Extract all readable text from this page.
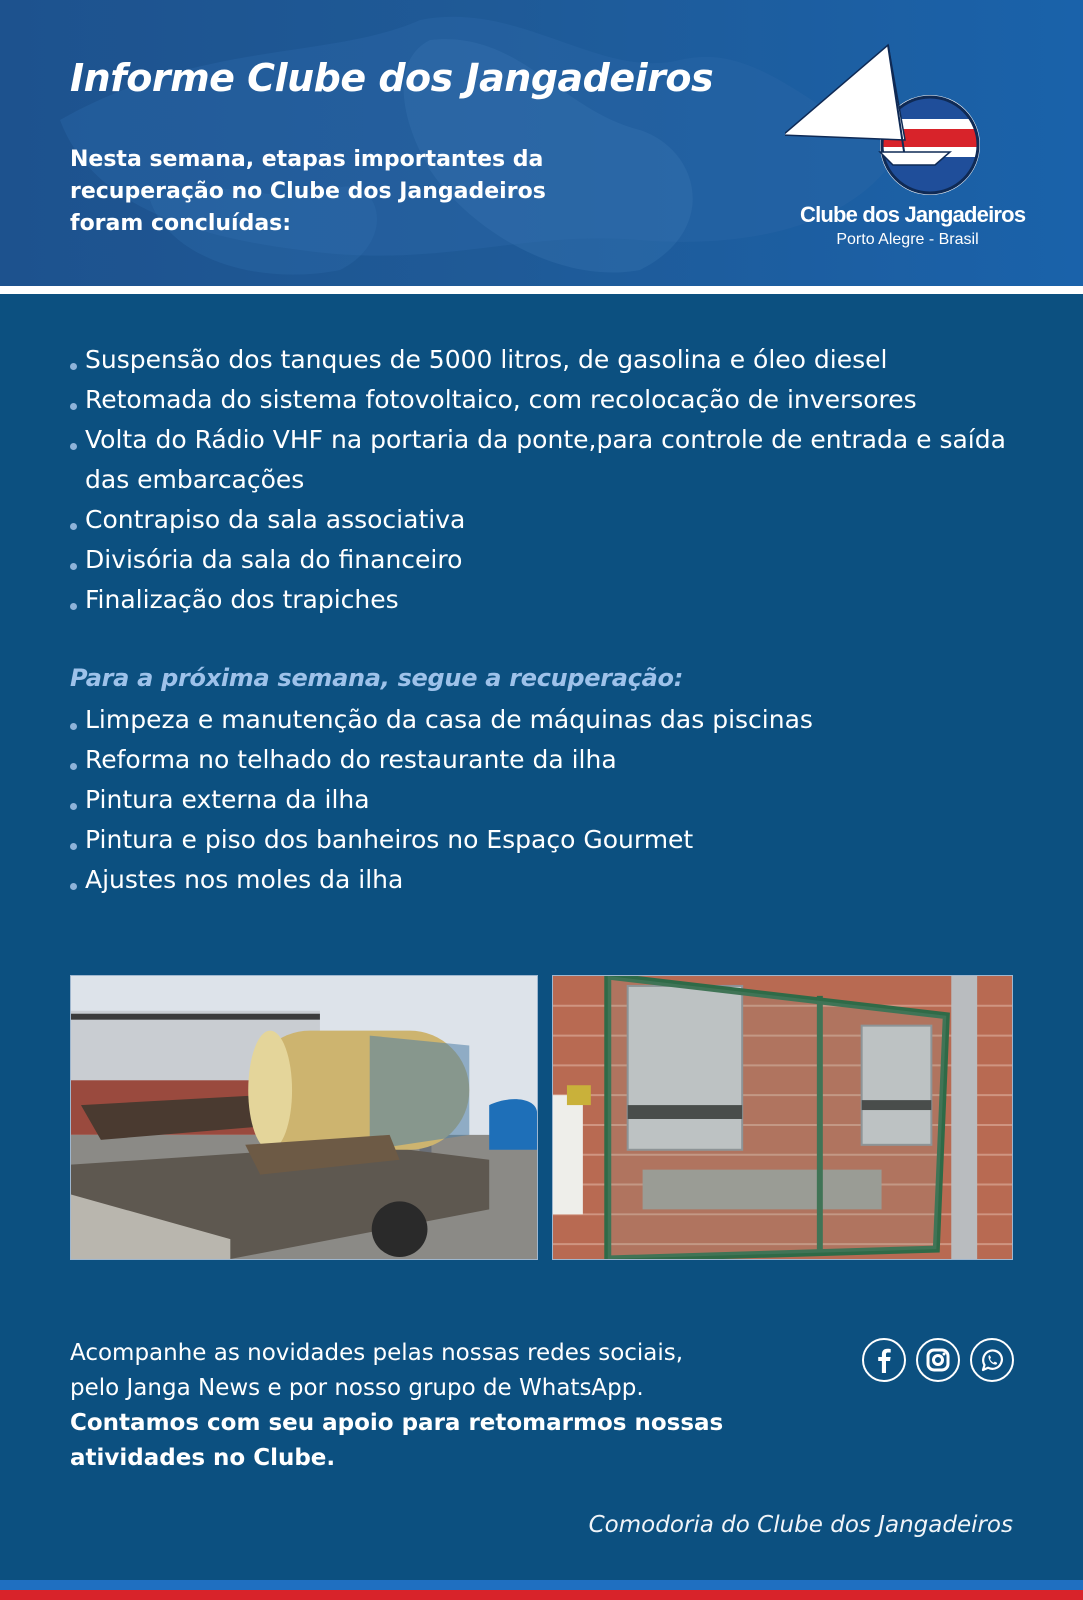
Informe Clube dos Jangadeiros
Nesta semana, etapas importantes da
recuperação no Clube dos Jangadeiros
foram concluídas:	Clube dos Jangadeiros
Porto Alegre - Brasil
Suspensão dos tanques de 5000 litros, de gasolina e óleo diesel
Retomada do sistema fotovoltaico, com recolocação de inversores
Volta do Rádio VHF na portaria da ponte,para controle de entrada e saída das embarcações
Contrapiso da sala associativa
Divisória da sala do financeiro
Finalização dos trapiches
Para a próxima semana, segue a recuperação:
Limpeza e manutenção da casa de máquinas das piscinas
Reforma no telhado do restaurante da ilha
Pintura externa da ilha
Pintura e piso dos banheiros no Espaço Gourmet
Ajustes nos moles da ilha
Acompanhe as novidades pelas nossas redes sociais,
pelo Janga News e por nosso grupo de WhatsApp.
Contamos com seu apoio para retomarmos nossas
atividades no Clube.
Comodoria do Clube dos Jangadeiros
